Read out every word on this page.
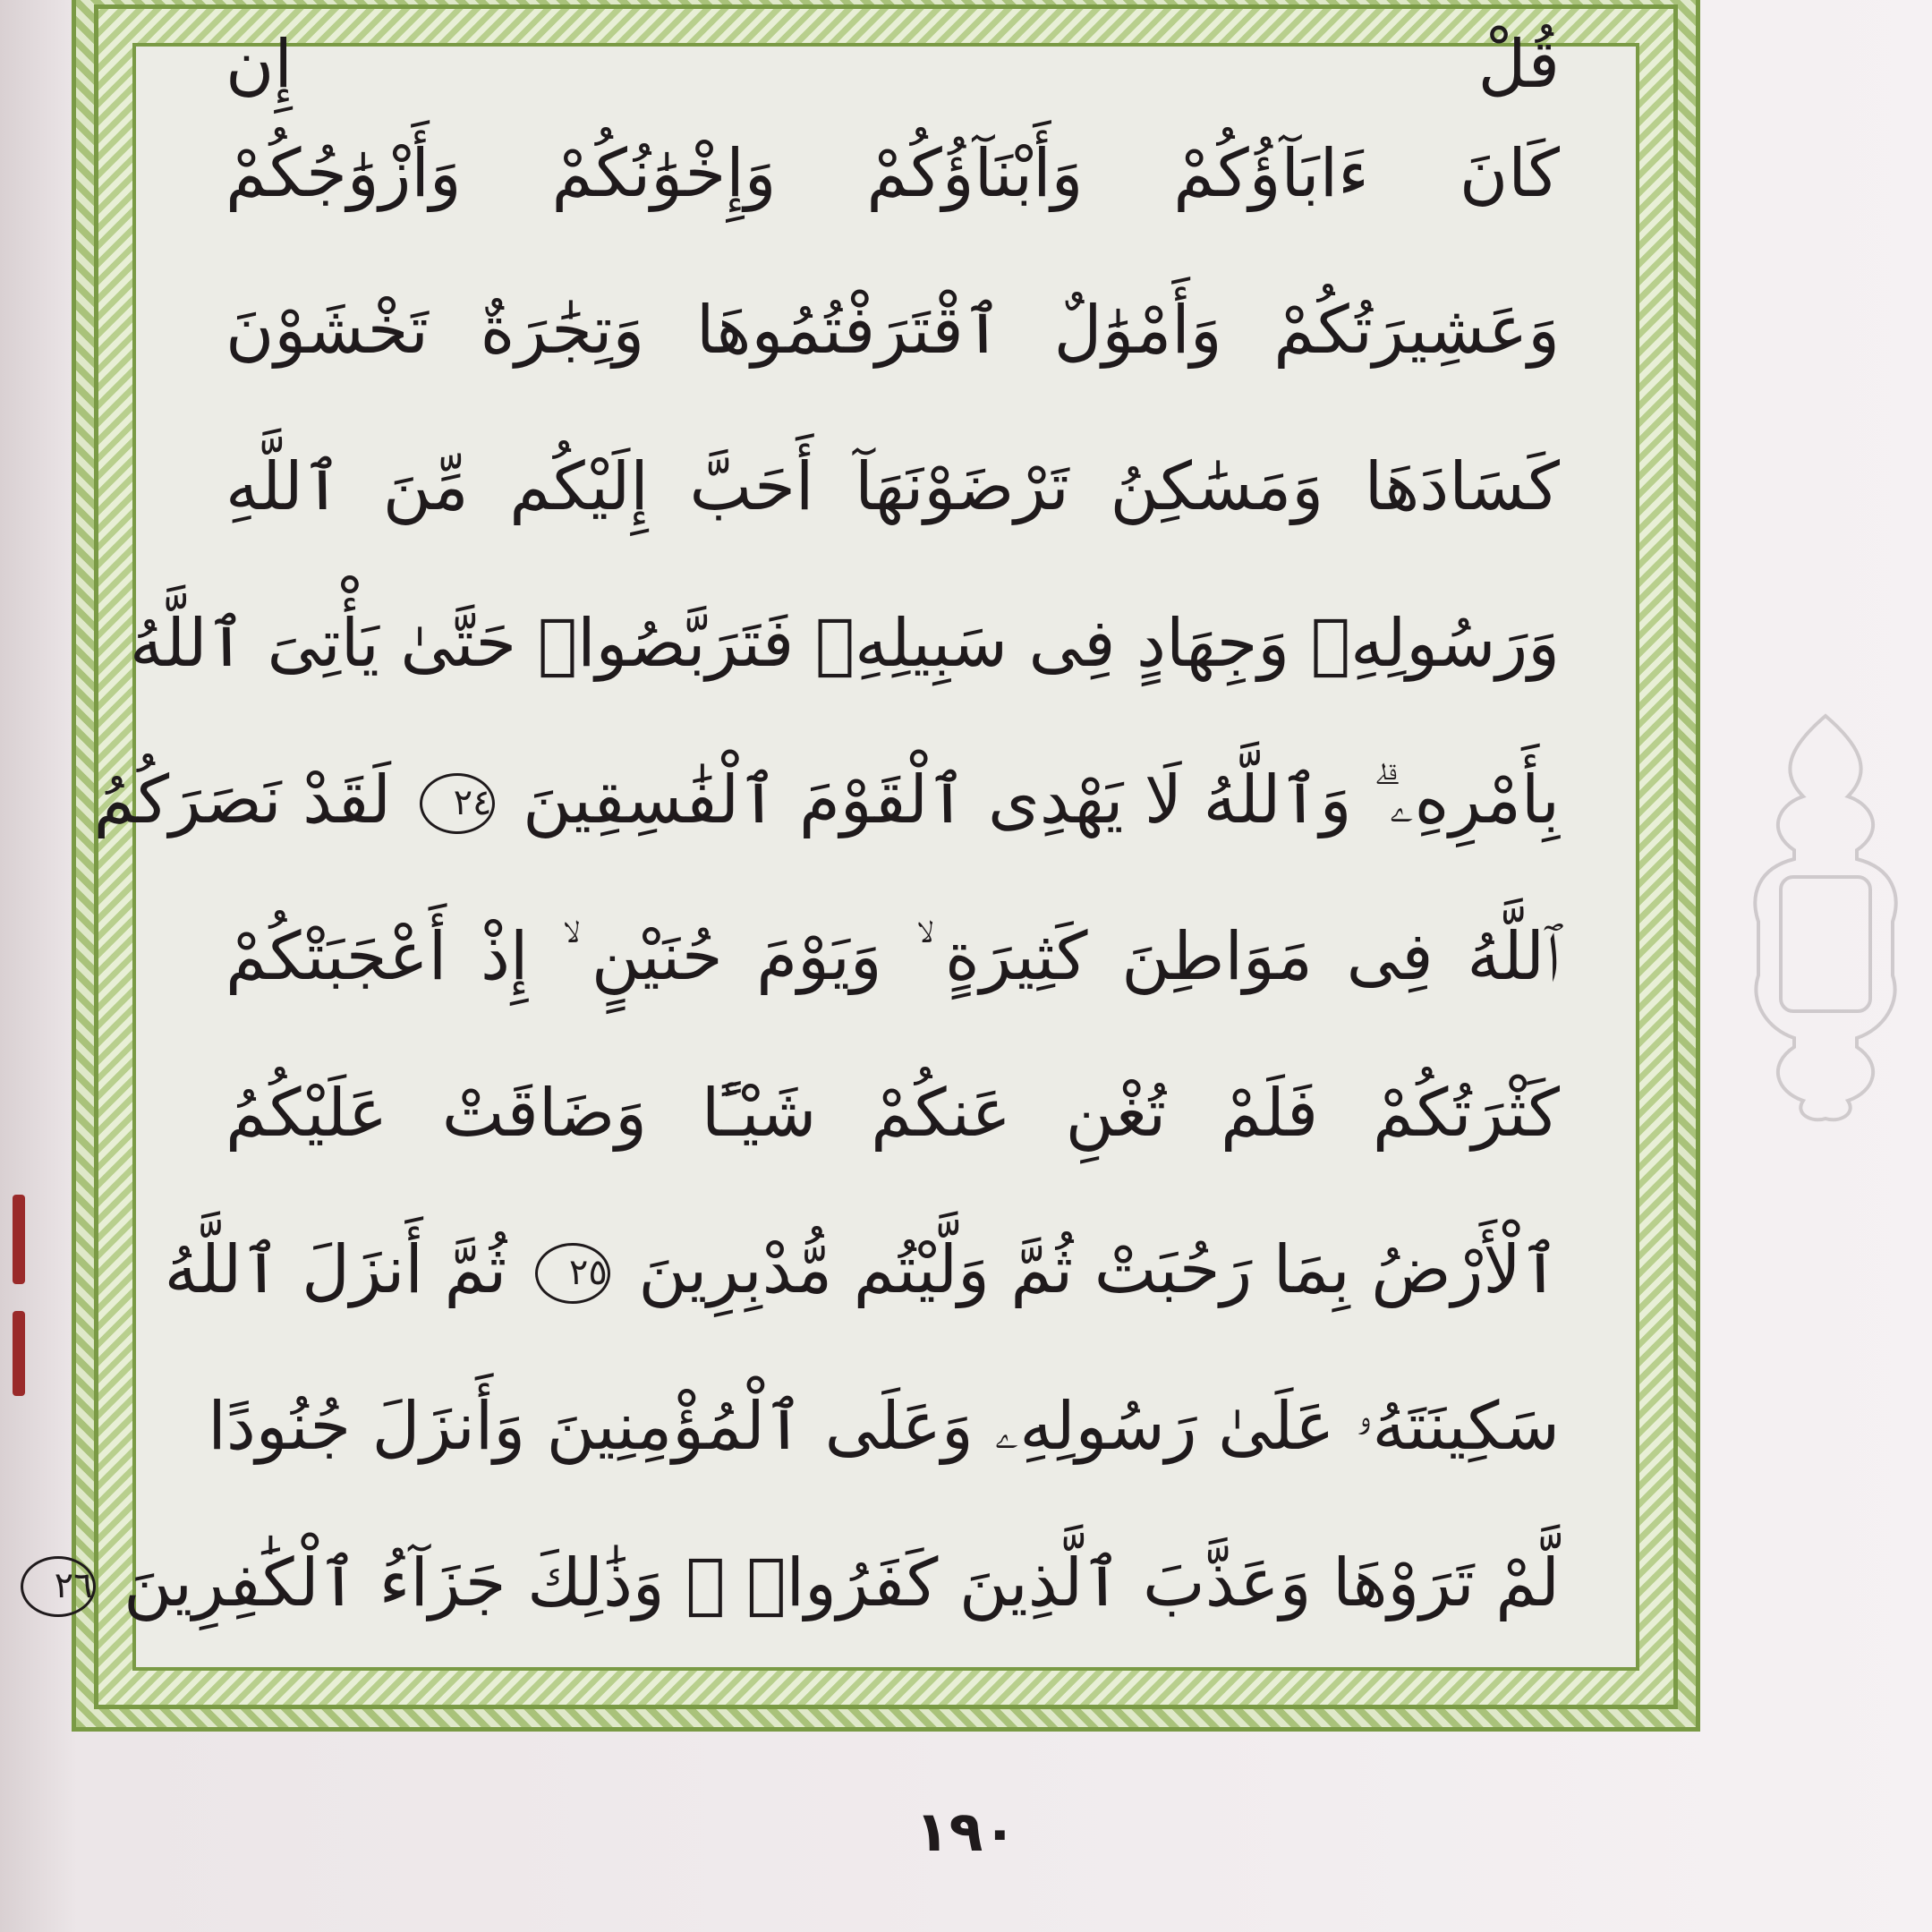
قُلْ إِن
كَانَ ءَابَآؤُكُمْ وَأَبْنَآؤُكُمْ وَإِخْوَٰنُكُمْ وَأَزْوَٰجُكُمْ
وَعَشِيرَتُكُمْ وَأَمْوَٰلٌ ٱقْتَرَفْتُمُوهَا وَتِجَٰرَةٌ تَخْشَوْنَ
كَسَادَهَا وَمَسَٰكِنُ تَرْضَوْنَهَآ أَحَبَّ إِلَيْكُم مِّنَ ٱللَّهِ
وَرَسُولِهِۦ وَجِهَادٍ فِى سَبِيلِهِۦ فَتَرَبَّصُوا۟ حَتَّىٰ يَأْتِىَ ٱللَّهُ
بِأَمْرِهِۦ ۗ وَٱللَّهُ لَا يَهْدِى ٱلْقَوْمَ ٱلْفَٰسِقِينَ ٢٤ لَقَدْ نَصَرَكُمُ
ٱللَّهُ فِى مَوَاطِنَ كَثِيرَةٍ ۙ وَيَوْمَ حُنَيْنٍ ۙ إِذْ أَعْجَبَتْكُمْ
كَثْرَتُكُمْ فَلَمْ تُغْنِ عَنكُمْ شَيْـًٔا وَضَاقَتْ عَلَيْكُمُ
ٱلْأَرْضُ بِمَا رَحُبَتْ ثُمَّ وَلَّيْتُم مُّدْبِرِينَ ٢٥ ثُمَّ أَنزَلَ ٱللَّهُ
سَكِينَتَهُۥ عَلَىٰ رَسُولِهِۦ وَعَلَى ٱلْمُؤْمِنِينَ وَأَنزَلَ جُنُودًا
لَّمْ تَرَوْهَا وَعَذَّبَ ٱلَّذِينَ كَفَرُوا۟ ۚ وَذَٰلِكَ جَزَآءُ ٱلْكَٰفِرِينَ ٢٦
١٩٠
